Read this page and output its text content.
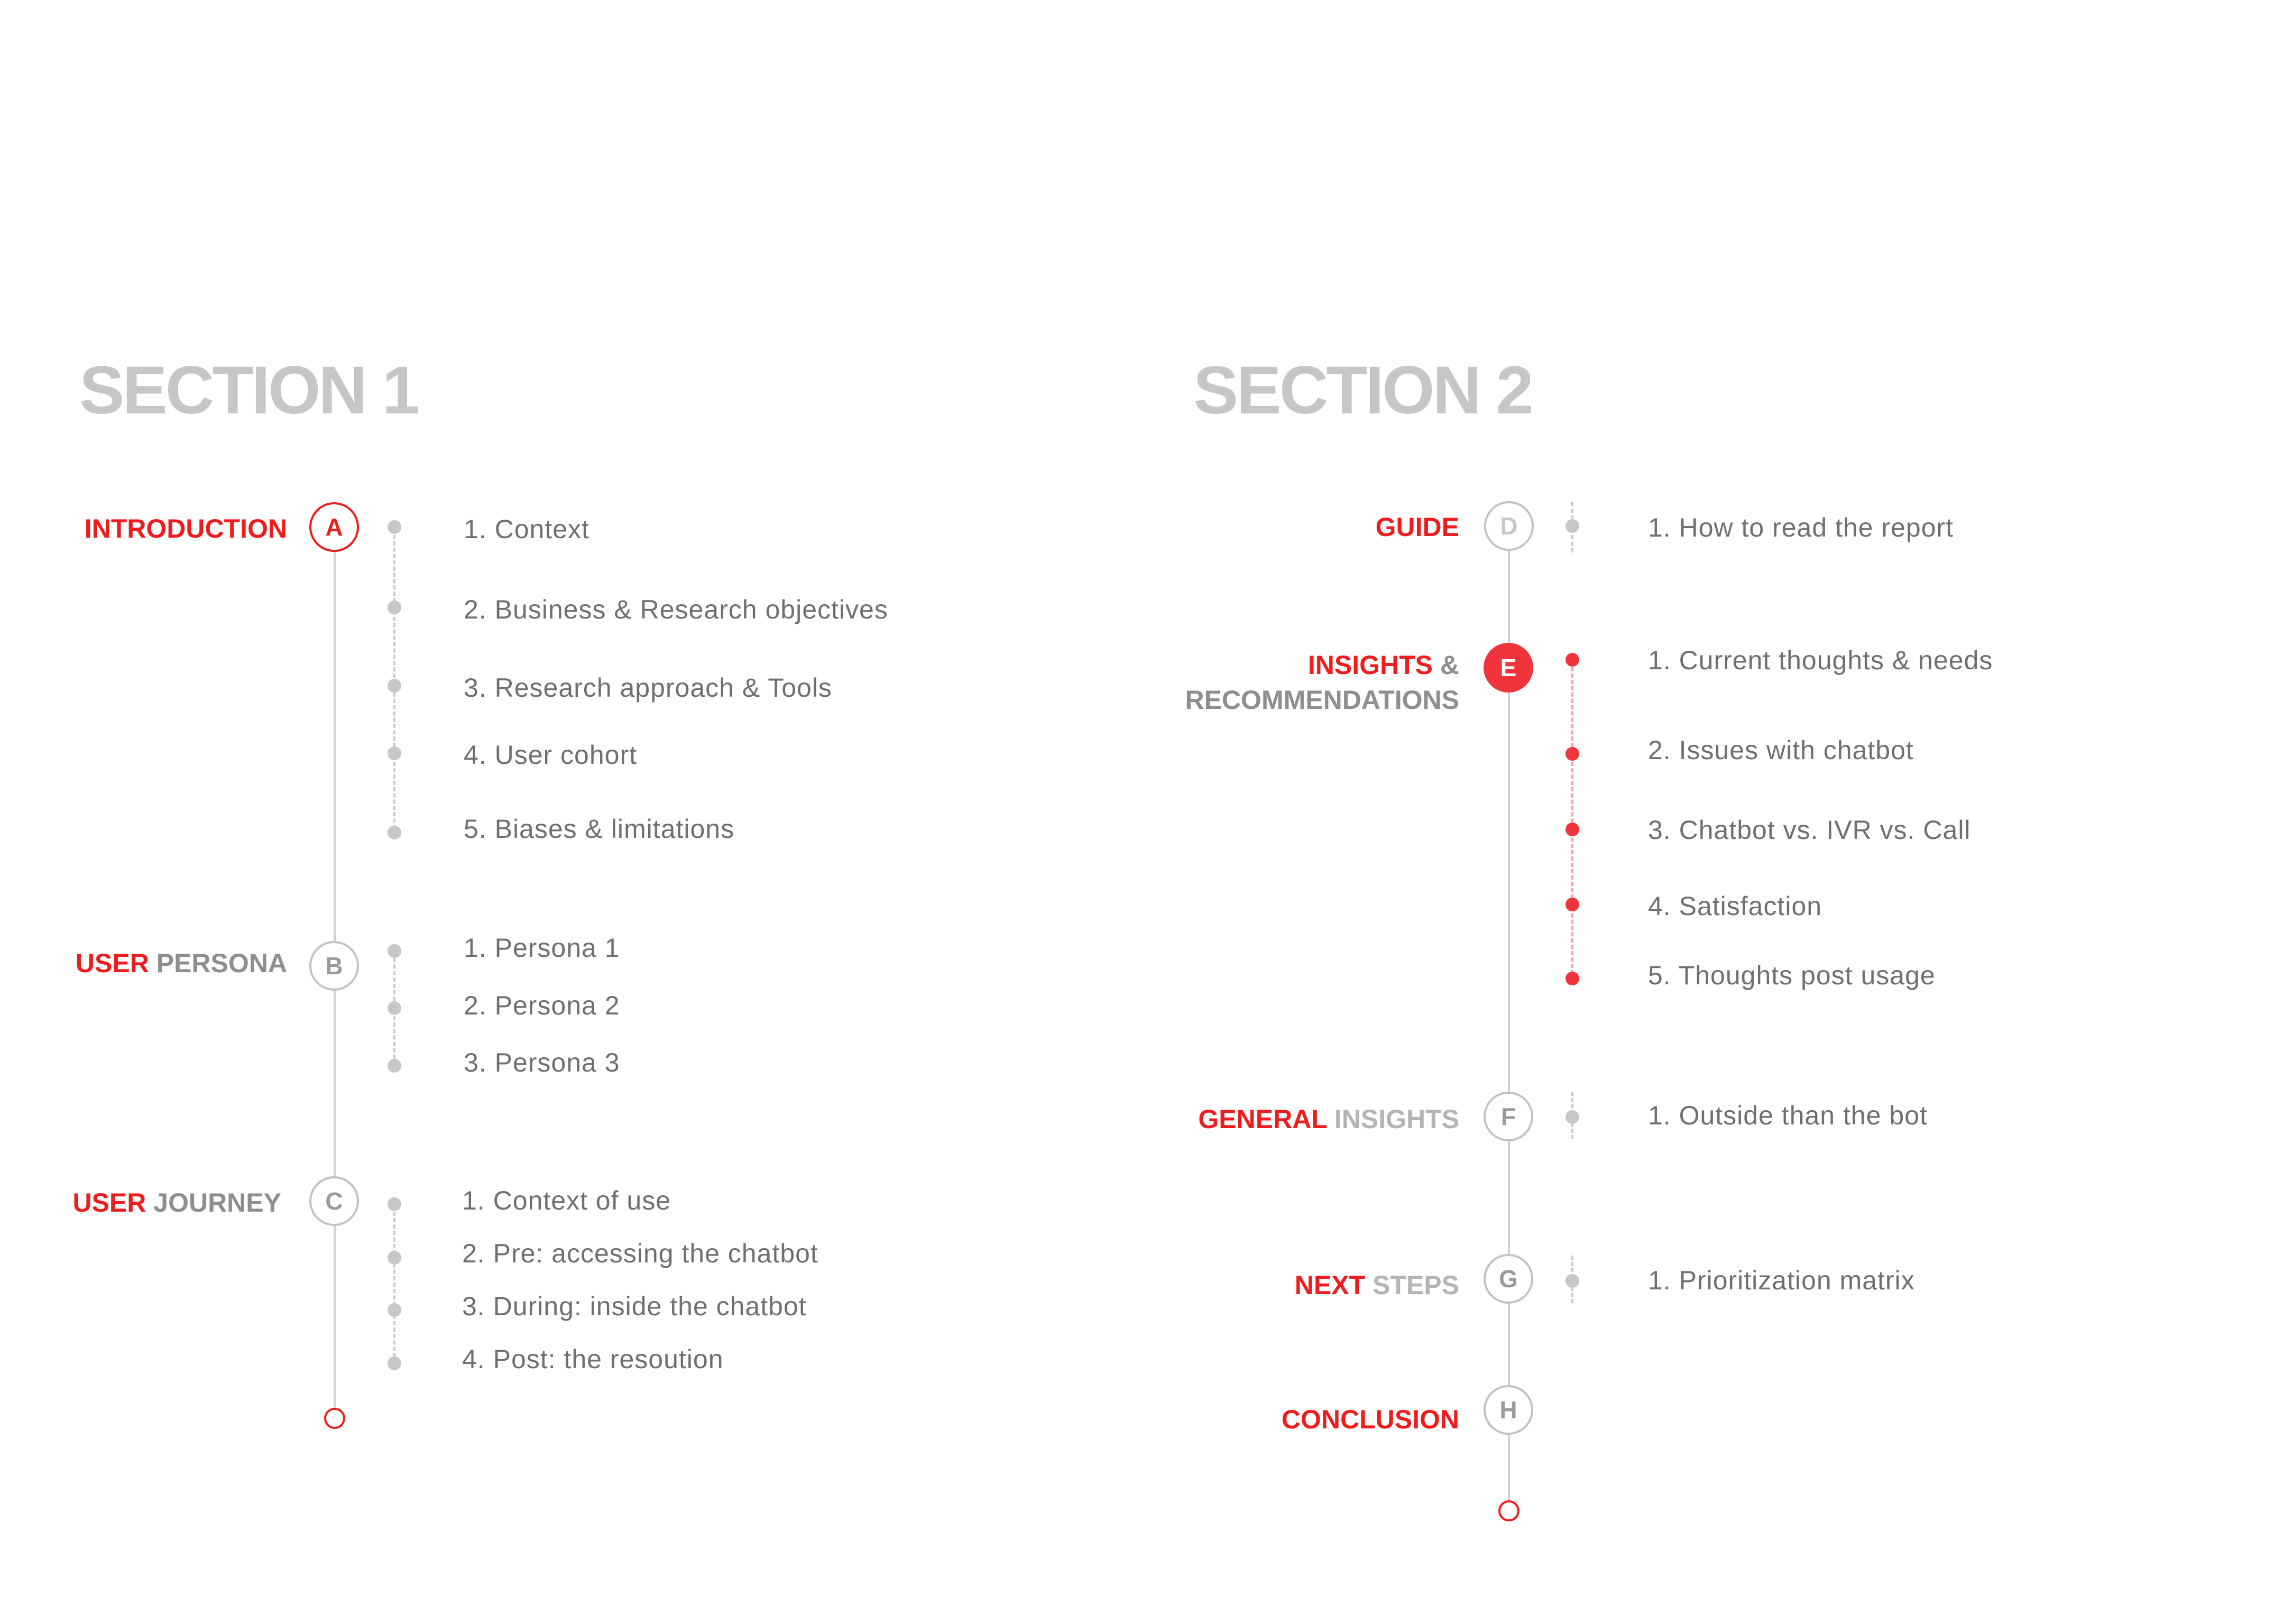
SECTION 1
INTRODUCTION A	1. Context
2. Business & Research objectives
3. Research approach & Tools
4. User cohort
5. Biases & limitations
USER PERSONA B
1. Persona 1
2. Persona 2
3. Persona 3
USER JOURNEY C	1. Context of use
2. Pre: accessing the chatbot
3. During: inside the chatbot
4. Post: the resoution
SECTION 2
GUIDE D	1. How to read the report
INSIGHTS &
RECOMMENDATIONS
E	1. Current thoughts & needs
2. Issues with chatbot
3. Chatbot vs. IVR vs. Call
4. Satisfaction
5. Thoughts post usage
GENERAL INSIGHTS F	1. Outside than the bot
NEXT STEPS G	1. Prioritization matrix
CONCLUSION H
